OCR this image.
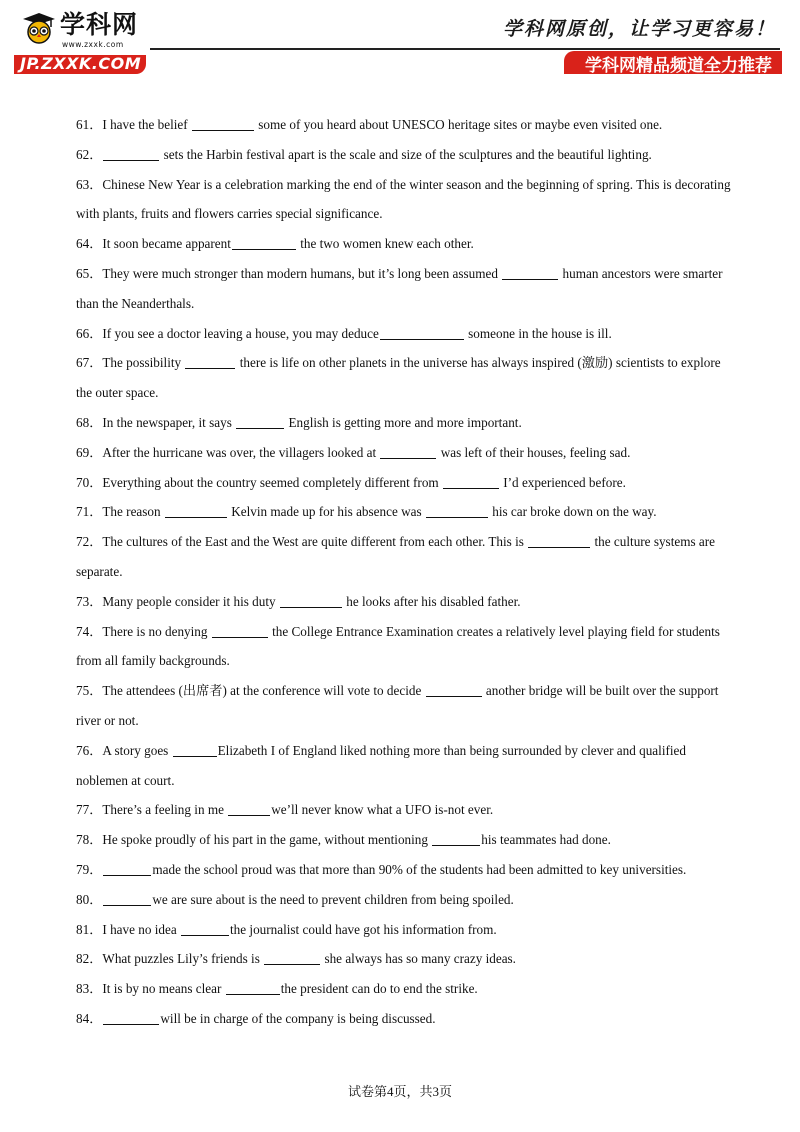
学科网
www.zxxk.com
学科网原创，让学习更容易！
JP.ZXXK.COM	学科网精品频道全力推荐

61．I have the belief	some of you heard about UNESCO heritage sites or maybe even visited one.

62．	sets the Harbin festival apart is the scale and size of the sculptures and the beautiful lighting.

63．Chinese New Year is a celebration marking the end of the winter season and the beginning of spring. This is decorating with plants, fruits and flowers carries special significance.

64．It soon became apparent	the two women knew each other.

65．They were much stronger than modern humans, but it’s long been assumed	human ancestors were smarter than the Neanderthals.

66．If you see a doctor leaving a house, you may deduce	someone in the house is ill.

67．The possibility	there is life on other planets in the universe has always inspired (激励) scientists to explore the outer space.

68．In the newspaper, it says	English is getting more and more important.

69．After the hurricane was over, the villagers looked at	was left of their houses, feeling sad.

70．Everything about the country seemed completely different from	I’d experienced before.

71．The reason	Kelvin made up for his absence was	his car broke down on the way.

72．The cultures of the East and the West are quite different from each other. This is	the culture systems are separate.

73．Many people consider it his duty	he looks after his disabled father.

74．There is no denying	the College Entrance Examination creates a relatively level playing field for students from all family backgrounds.

75．The attendees (出席者) at the conference will vote to decide	another bridge will be built over the support river or not.

76．A story goes	Elizabeth I of England liked nothing more than being surrounded by clever and qualified noblemen at court.

77．There’s a feeling in me	we’ll never know what a UFO is-not ever.

78．He spoke proudly of his part in the game, without mentioning	his teammates had done.

79．	made the school proud was that more than 90% of the students had been admitted to key universities.

80．	we are sure about is the need to prevent children from being spoiled.

81．I have no idea	the journalist could have got his information from.

82．What puzzles Lily’s friends is	she always has so many crazy ideas.

83．It is by no means clear	the president can do to end the strike.

84．	will be in charge of the company is being discussed.

试卷第4页，共3页
